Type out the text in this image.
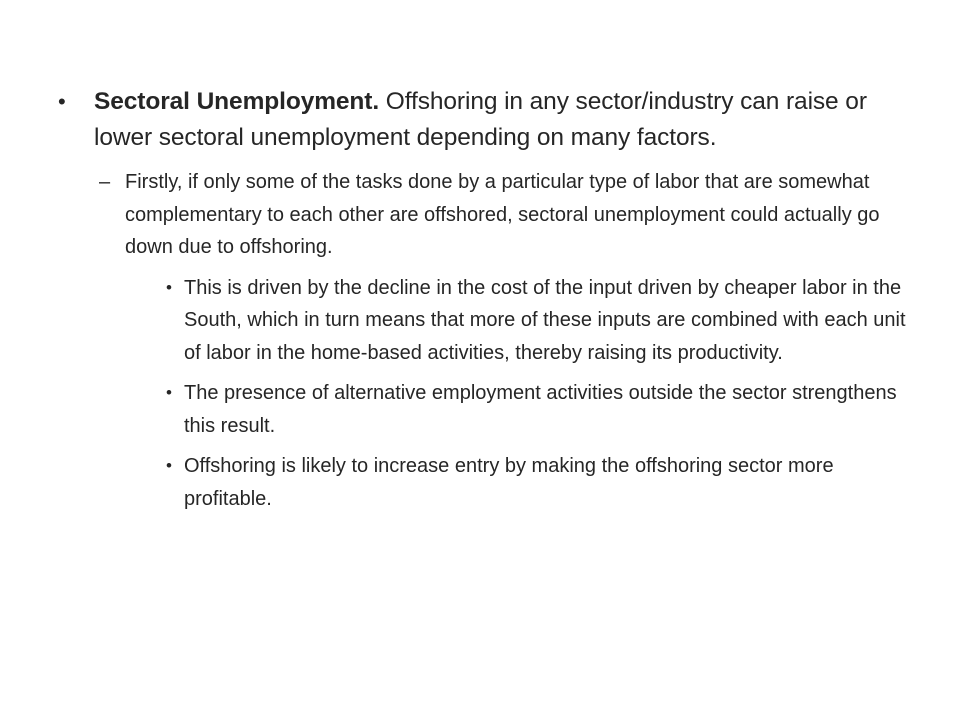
• Sectoral Unemployment. Offshoring in any sector/industry can raise or lower sectoral unemployment depending on many factors.
– Firstly, if only some of the tasks done by a particular type of labor that are somewhat complementary to each other are offshored, sectoral unemployment could actually go down due to offshoring.
• This is driven by the decline in the cost of the input driven by cheaper labor in the South, which in turn means that more of these inputs are combined with each unit of labor in the home-based activities, thereby raising its productivity.
• The presence of alternative employment activities outside the sector strengthens this result.
• Offshoring is likely to increase entry by making the offshoring sector more profitable.
